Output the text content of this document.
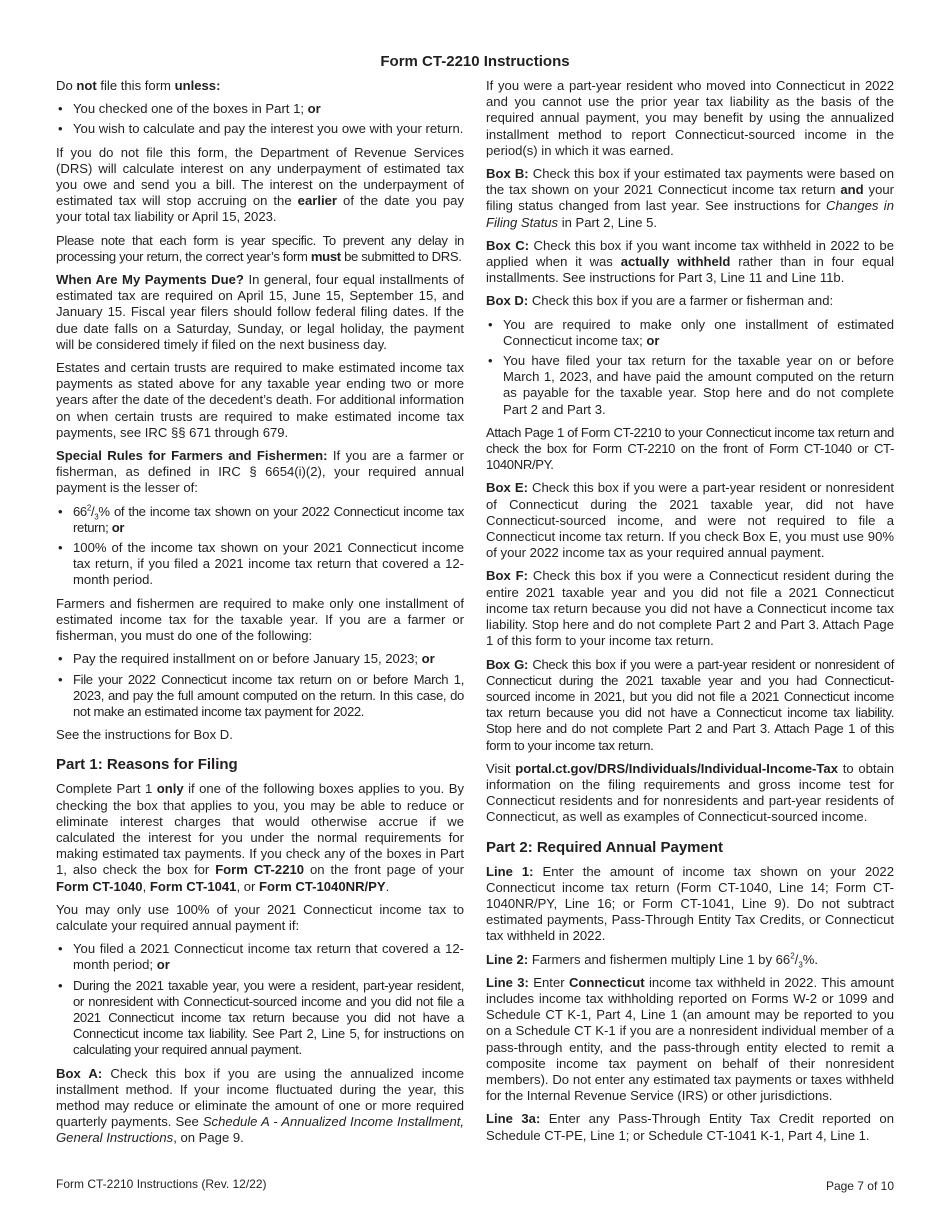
Form CT-2210 Instructions

Do not file this form unless:

• You checked one of the boxes in Part 1; or
• You wish to calculate and pay the interest you owe with your return.

If you do not file this form, the Department of Revenue Services (DRS) will calculate interest on any underpayment of estimated tax you owe and send you a bill. The interest on the underpayment of estimated tax will stop accruing on the earlier of the date you pay your total tax liability or April 15, 2023.

Please note that each form is year specific. To prevent any delay in processing your return, the correct year’s form must be submitted to DRS.

When Are My Payments Due? In general, four equal installments of estimated tax are required on April 15, June 15, September 15, and January 15. Fiscal year filers should follow federal filing dates. If the due date falls on a Saturday, Sunday, or legal holiday, the payment will be considered timely if filed on the next business day.

Estates and certain trusts are required to make estimated income tax payments as stated above for any taxable year ending two or more years after the date of the decedent’s death. For additional information on when certain trusts are required to make estimated income tax payments, see IRC §§ 671 through 679.

Special Rules for Farmers and Fishermen: If you are a farmer or fisherman, as defined in IRC § 6654(i)(2), your required annual payment is the lesser of:

• $66^2/_3\%$ of the income tax shown on your 2022 Connecticut income tax return; or
• 100% of the income tax shown on your 2021 Connecticut income tax return, if you filed a 2021 income tax return that covered a 12-month period.

Farmers and fishermen are required to make only one installment of estimated income tax for the taxable year. If you are a farmer or fisherman, you must do one of the following:

• Pay the required installment on or before January 15, 2023; or
• File your 2022 Connecticut income tax return on or before March 1, 2023, and pay the full amount computed on the return. In this case, do not make an estimated income tax payment for 2022.

See the instructions for Box D.

Part 1: Reasons for Filing

Complete Part 1 only if one of the following boxes applies to you. By checking the box that applies to you, you may be able to reduce or eliminate interest charges that would otherwise accrue if we calculated the interest for you under the normal requirements for making estimated tax payments. If you check any of the boxes in Part 1, also check the box for Form CT-2210 on the front page of your Form CT-1040, Form CT-1041, or Form CT-1040NR/PY.

You may only use 100% of your 2021 Connecticut income tax to calculate your required annual payment if:

• You filed a 2021 Connecticut income tax return that covered a 12-month period; or
• During the 2021 taxable year, you were a resident, part-year resident, or nonresident with Connecticut-sourced income and you did not file a 2021 Connecticut income tax return because you did not have a Connecticut income tax liability. See Part 2, Line 5, for instructions on calculating your required annual payment.

Box A: Check this box if you are using the annualized income installment method. If your income fluctuated during the year, this method may reduce or eliminate the amount of one or more required quarterly payments. See Schedule A - Annualized Income Installment, General Instructions, on Page 9.

If you were a part-year resident who moved into Connecticut in 2022 and you cannot use the prior year tax liability as the basis of the required annual payment, you may benefit by using the annualized installment method to report Connecticut-sourced income in the period(s) in which it was earned.

Box B: Check this box if your estimated tax payments were based on the tax shown on your 2021 Connecticut income tax return and your filing status changed from last year. See instructions for Changes in Filing Status in Part 2, Line 5.

Box C: Check this box if you want income tax withheld in 2022 to be applied when it was actually withheld rather than in four equal installments. See instructions for Part 3, Line 11 and Line 11b.

Box D: Check this box if you are a farmer or fisherman and:

• You are required to make only one installment of estimated Connecticut income tax; or
• You have filed your tax return for the taxable year on or before March 1, 2023, and have paid the amount computed on the return as payable for the taxable year. Stop here and do not complete Part 2 and Part 3.

Attach Page 1 of Form CT-2210 to your Connecticut income tax return and check the box for Form CT-2210 on the front of Form CT-1040 or CT-1040NR/PY.

Box E: Check this box if you were a part-year resident or nonresident of Connecticut during the 2021 taxable year, did not have Connecticut-sourced income, and were not required to file a Connecticut income tax return. If you check Box E, you must use 90% of your 2022 income tax as your required annual payment.

Box F: Check this box if you were a Connecticut resident during the entire 2021 taxable year and you did not file a 2021 Connecticut income tax return because you did not have a Connecticut income tax liability. Stop here and do not complete Part 2 and Part 3. Attach Page 1 of this form to your income tax return.

Box G: Check this box if you were a part-year resident or nonresident of Connecticut during the 2021 taxable year and you had Connecticut-sourced income in 2021, but you did not file a 2021 Connecticut income tax return because you did not have a Connecticut income tax liability. Stop here and do not complete Part 2 and Part 3. Attach Page 1 of this form to your income tax return.

Visit portal.ct.gov/DRS/Individuals/Individual-Income-Tax to obtain information on the filing requirements and gross income test for Connecticut residents and for nonresidents and part-year residents of Connecticut, as well as examples of Connecticut-sourced income.

Part 2: Required Annual Payment

Line 1: Enter the amount of income tax shown on your 2022 Connecticut income tax return (Form CT-1040, Line 14; Form CT-1040NR/PY, Line 16; or Form CT-1041, Line 9). Do not subtract estimated payments, Pass-Through Entity Tax Credits, or Connecticut tax withheld in 2022.

Line 2: Farmers and fishermen multiply Line 1 by $66^2/_3\%$.

Line 3: Enter Connecticut income tax withheld in 2022. This amount includes income tax withholding reported on Forms W-2 or 1099 and Schedule CT K-1, Part 4, Line 1 (an amount may be reported to you on a Schedule CT K-1 if you are a nonresident individual member of a pass-through entity, and the pass-through entity elected to remit a composite income tax payment on behalf of their nonresident members). Do not enter any estimated tax payments or taxes withheld for the Internal Revenue Service (IRS) or other jurisdictions.

Line 3a: Enter any Pass-Through Entity Tax Credit reported on Schedule CT-PE, Line 1; or Schedule CT-1041 K-1, Part 4, Line 1.

Form CT-2210 Instructions (Rev. 12/22)	Page 7 of 10
